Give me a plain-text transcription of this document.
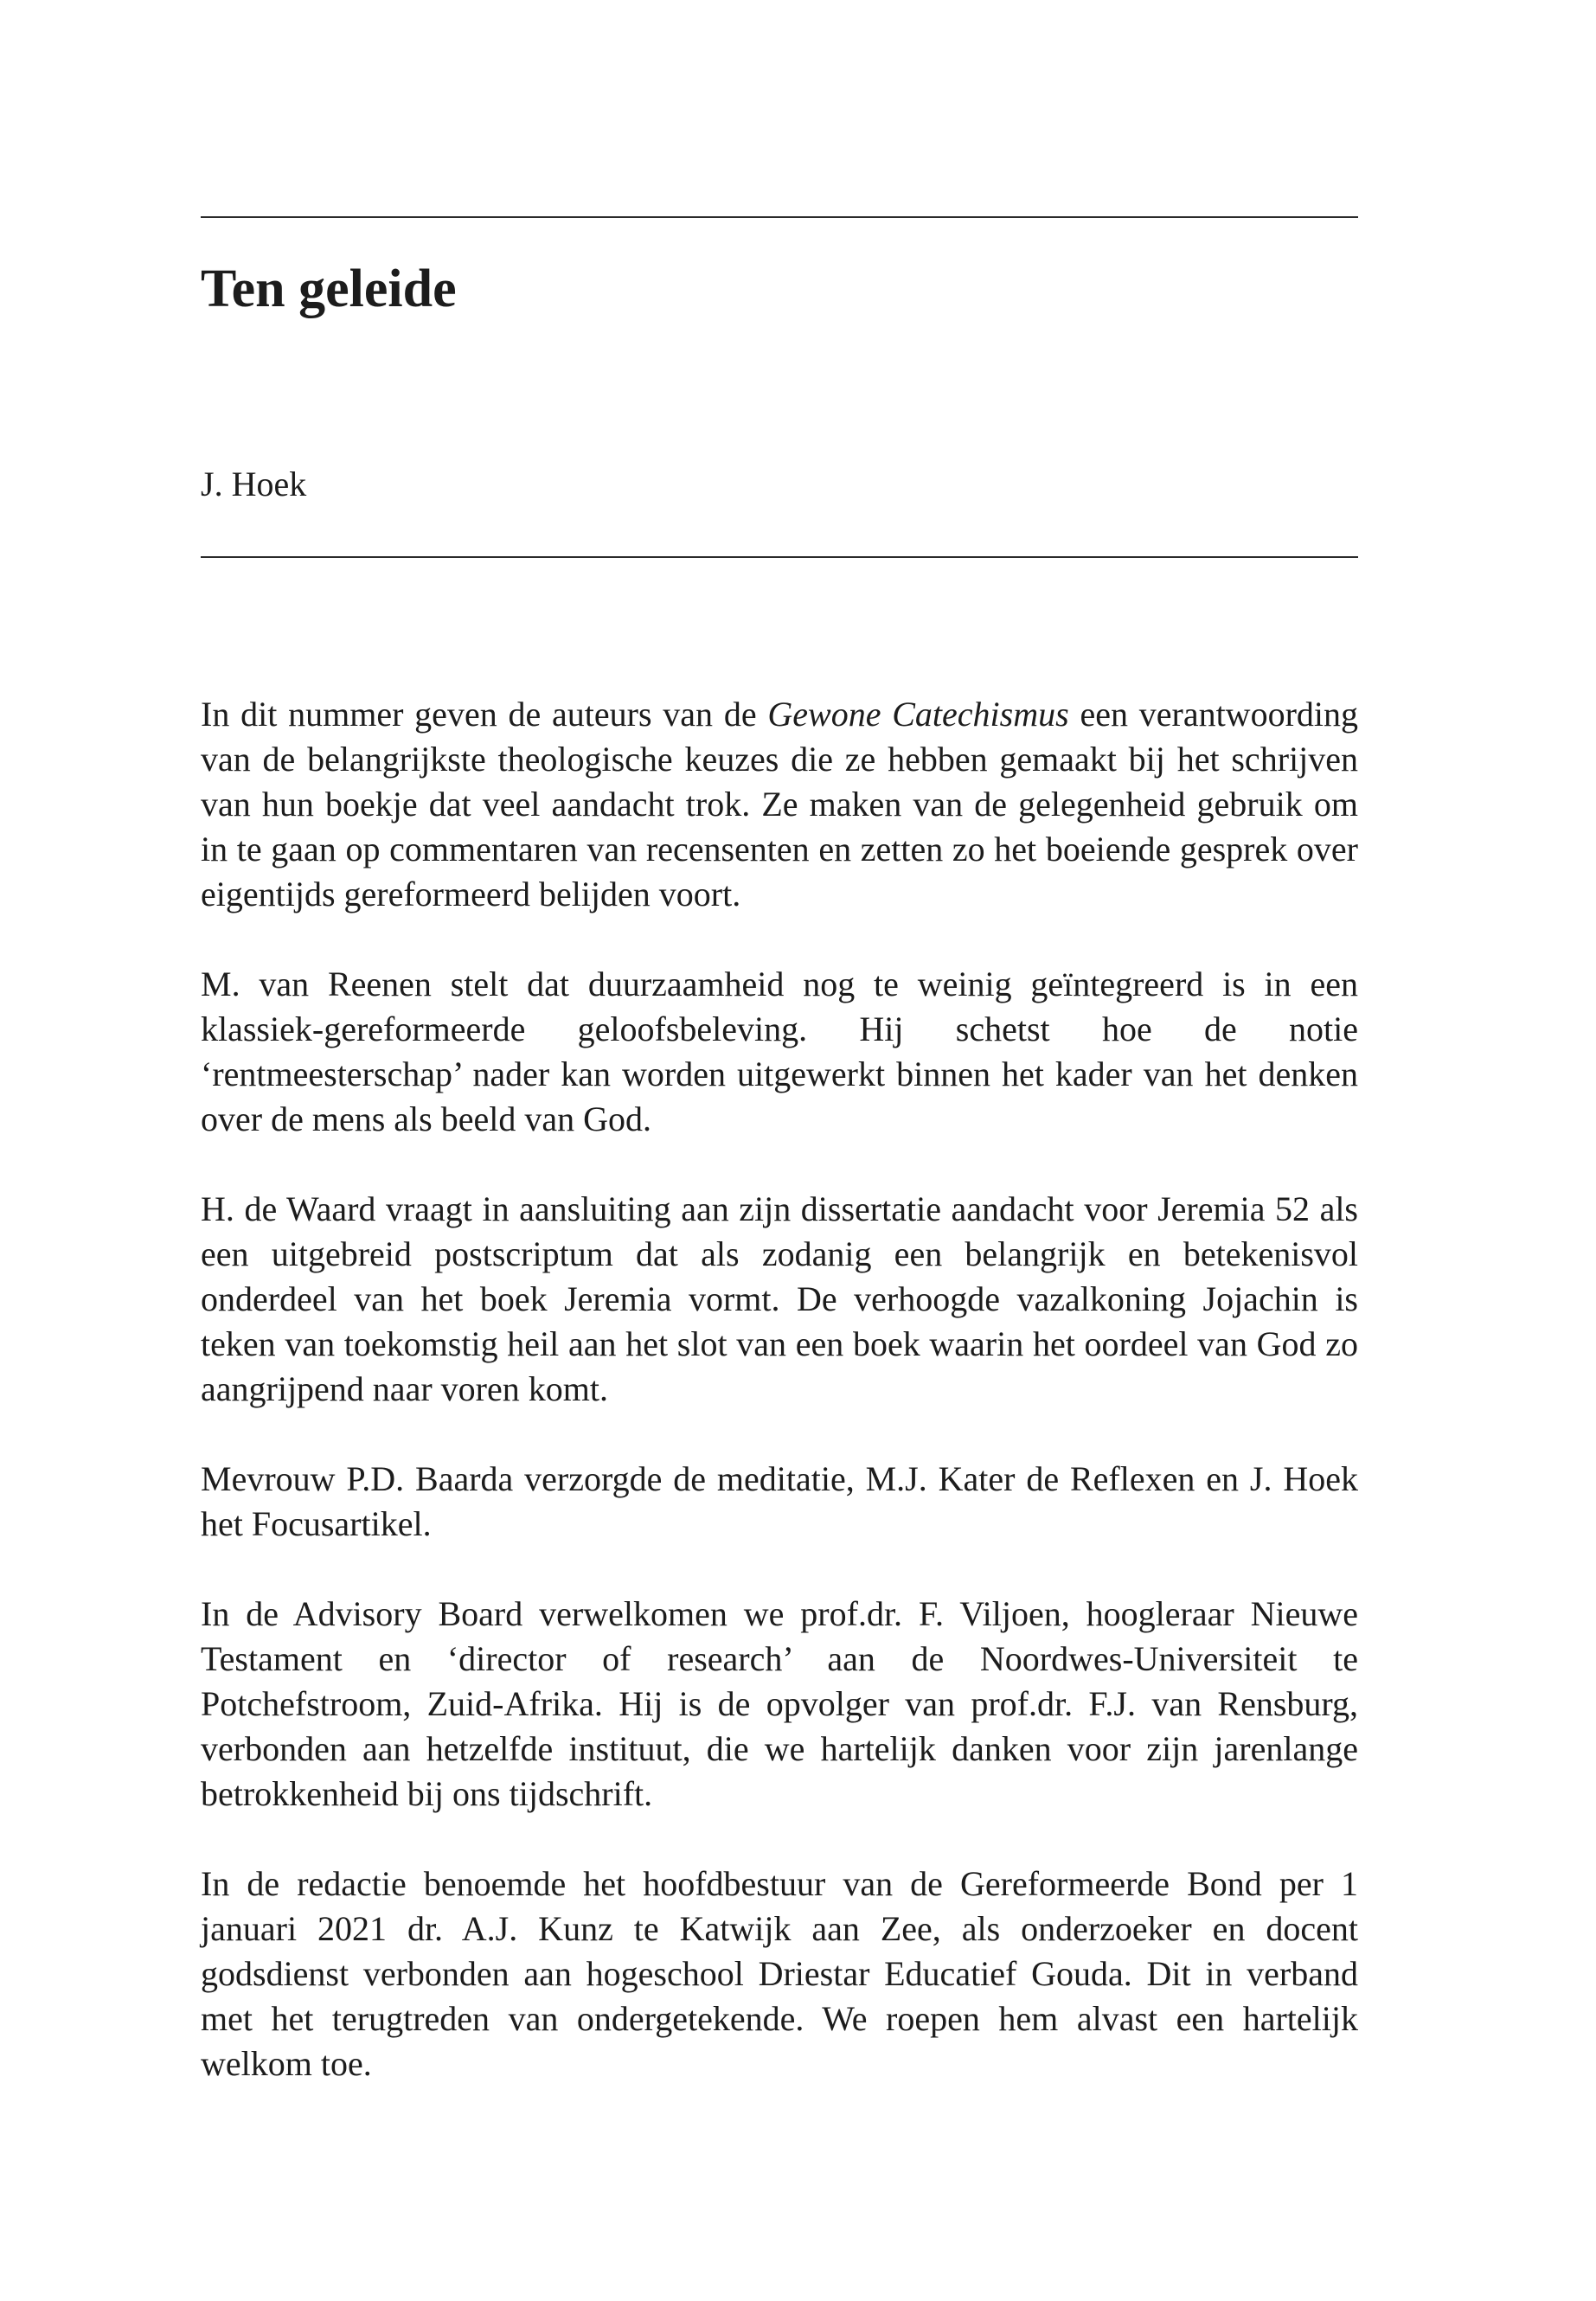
Ten geleide

J. Hoek

In dit nummer geven de auteurs van de Gewone Catechismus een verantwoording van de belangrijkste theologische keuzes die ze hebben gemaakt bij het schrijven van hun boekje dat veel aandacht trok. Ze maken van de gelegenheid gebruik om in te gaan op commentaren van recensenten en zetten zo het boeiende gesprek over eigentijds gereformeerd belijden voort.

M. van Reenen stelt dat duurzaamheid nog te weinig geïntegreerd is in een klassiek-gereformeerde geloofsbeleving. Hij schetst hoe de notie ‘rentmeesterschap’ nader kan worden uitgewerkt binnen het kader van het denken over de mens als beeld van God.

H. de Waard vraagt in aansluiting aan zijn dissertatie aandacht voor Jeremia 52 als een uitgebreid postscriptum dat als zodanig een belangrijk en betekenisvol onderdeel van het boek Jeremia vormt. De verhoogde vazalkoning Jojachin is teken van toekomstig heil aan het slot van een boek waarin het oordeel van God zo aangrijpend naar voren komt.

Mevrouw P.D. Baarda verzorgde de meditatie, M.J. Kater de Reflexen en J. Hoek het Focusartikel.

In de Advisory Board verwelkomen we prof.dr. F. Viljoen, hoogleraar Nieuwe Testament en ‘director of research’ aan de Noordwes-Universiteit te Potchefstroom, Zuid-Afrika. Hij is de opvolger van prof.dr. F.J. van Rensburg, verbonden aan hetzelfde instituut, die we hartelijk danken voor zijn jarenlange betrokkenheid bij ons tijdschrift.

In de redactie benoemde het hoofdbestuur van de Gereformeerde Bond per 1 januari 2021 dr. A.J. Kunz te Katwijk aan Zee, als onderzoeker en docent godsdienst verbonden aan hogeschool Driestar Educatief Gouda. Dit in verband met het terugtreden van ondergetekende. We roepen hem alvast een hartelijk welkom toe.
